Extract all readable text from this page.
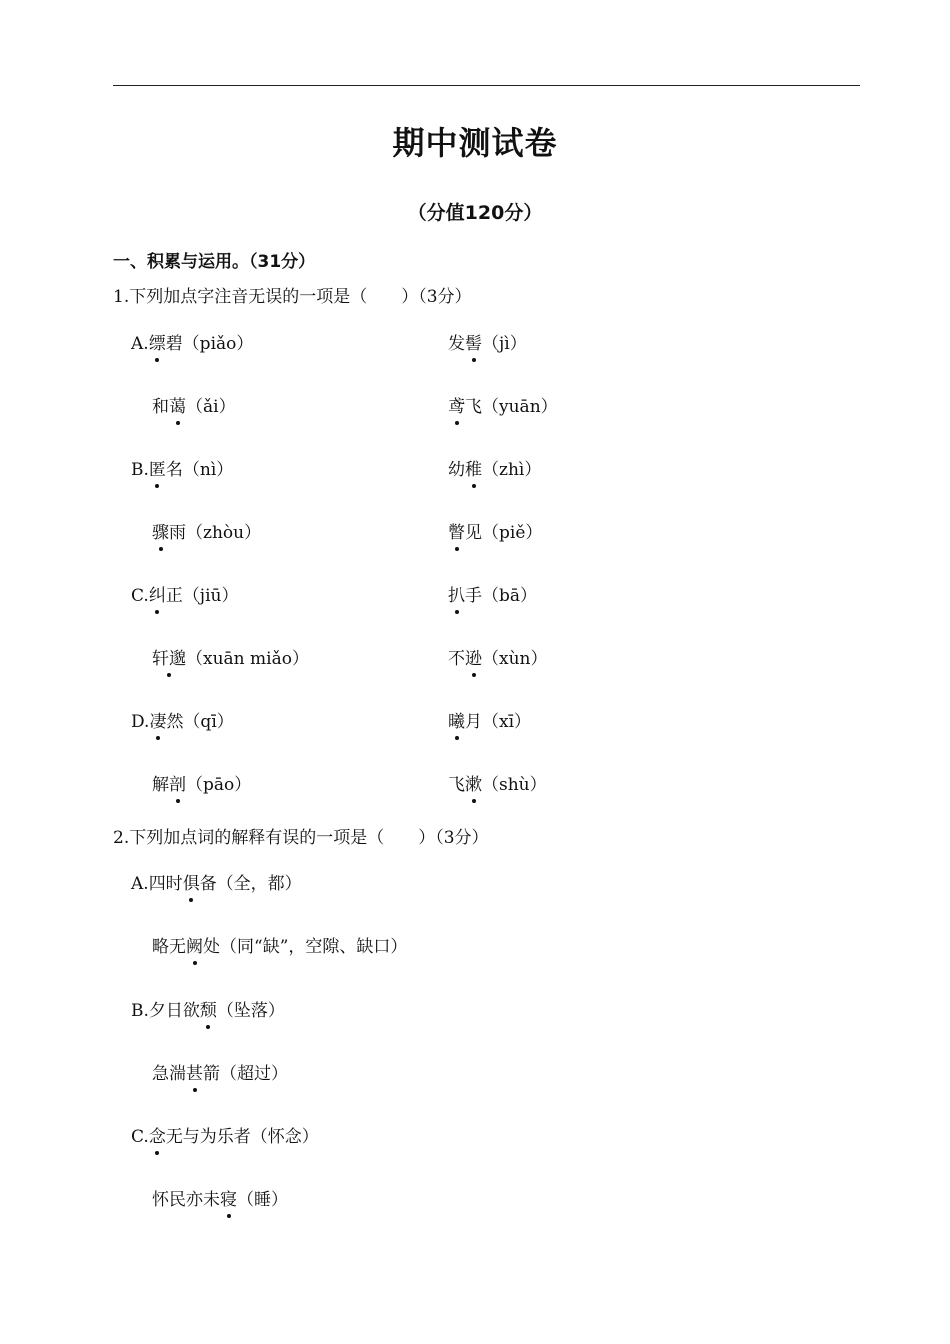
期中测试卷
（分值120分）
一、积累与运用。（31分）
1.下列加点字注音无误的一项是（　　）（3分）
A.缥碧（piǎo）	发髻（jì）
和蔼（ǎi）	鸢飞（yuān）
B.匿名（nì）	幼稚（zhì）
骤雨（zhòu）	瞥见（piě）
C.纠正（jiū）	扒手（bā）
轩邈（xuān miǎo）	不逊（xùn）
D.凄然（qī）	曦月（xī）
解剖（pāo）	飞漱（shù）
2.下列加点词的解释有误的一项是（　　）（3分）
A.四时俱备（全，都）
略无阙处（同“缺”，空隙、缺口）
B.夕日欲颓（坠落）
急湍甚箭（超过）
C.念无与为乐者（怀念）
怀民亦未寝（睡）
